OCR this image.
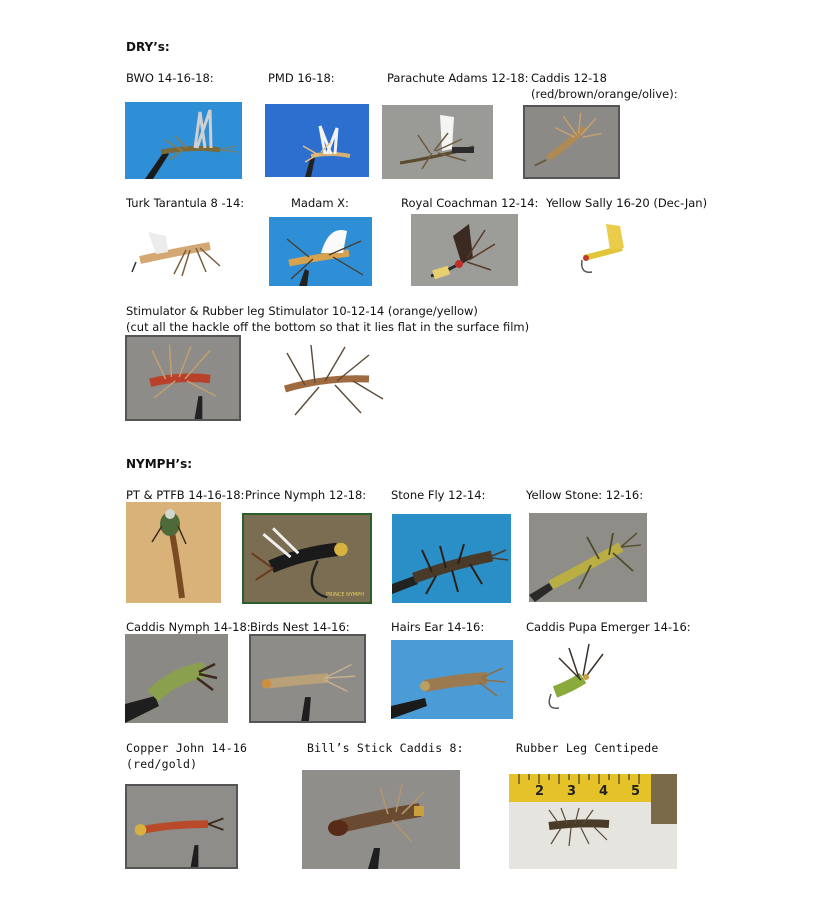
DRY’s:
BWO 14-16-18:	PMD 16-18:	Parachute Adams 12-18: Caddis 12-18
(red/brown/orange/olive):
Turk Tarantula 8 -14:	Madam X:	Royal Coachman 12-14: Yellow Sally 16-20 (Dec-Jan)
Stimulator & Rubber leg Stimulator 10-12-14 (orange/yellow)
(cut all the hackle off the bottom so that it lies flat in the surface film)
NYMPH’s:
PT & PTFB 14-16-18: Prince Nymph 12-18: Stone Fly 12-14:	Yellow Stone: 12-16:
PRINCE NYMPH
Caddis Nymph 14-18: Birds Nest 14-16:	Hairs Ear 14-16:	Caddis Pupa Emerger 14-16:
Copper John 14-16
(red/gold)
Bill’s Stick Caddis 8:	Rubber Leg Centipede
2 3 4 5
